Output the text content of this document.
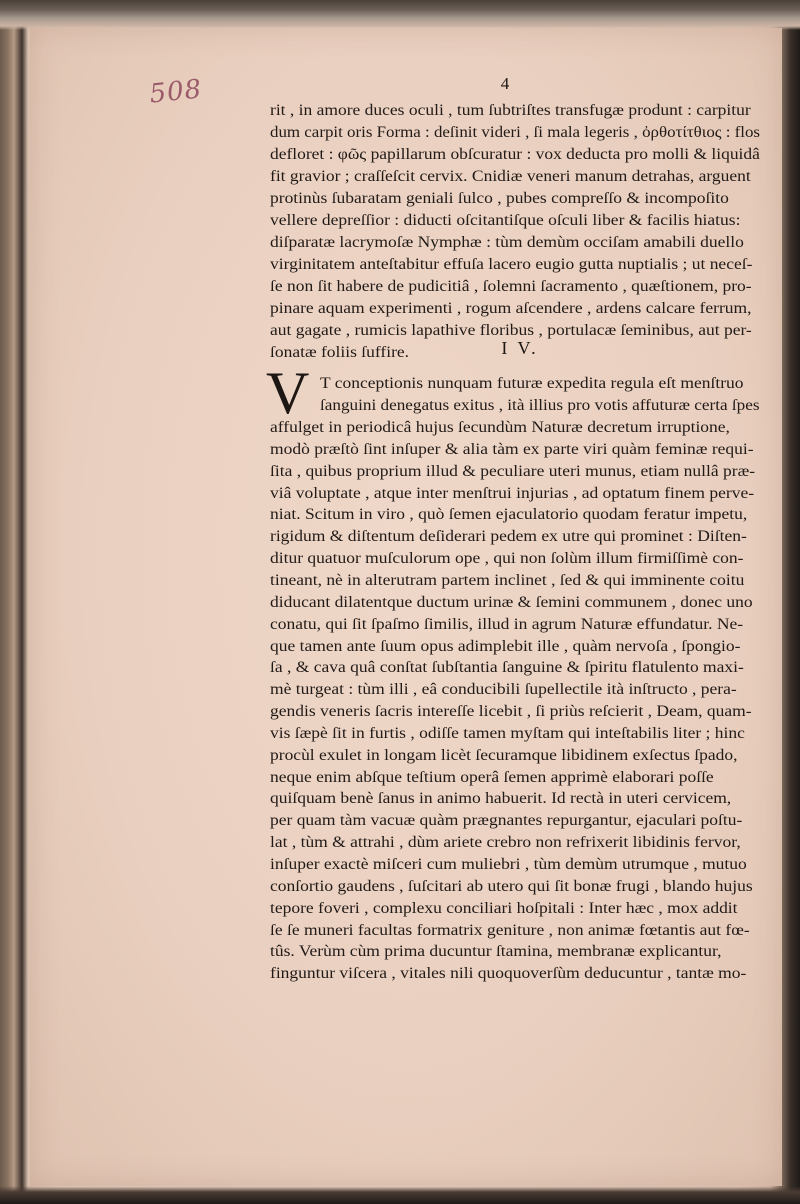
508	4
rit , in amore duces oculi , tum ſubtriſtes transfugæ produnt : carpitur
dum carpit oris Forma : deſinit videri , ſi mala legeris , ὀρθοτίτθιος : flos
defloret : φῶς papillarum obſcuratur : vox deducta pro molli & liquidâ
fit gravior ; craſſeſcit cervix. Cnidiæ veneri manum detrahas, arguent
protinùs ſubaratam geniali ſulco , pubes compreſſo & incompoſito
vellere depreſſior : diducti oſcitantiſque oſculi liber & facilis hiatus:
diſparatæ lacrymoſæ Nymphæ : tùm demùm occiſam amabili duello
virginitatem anteſtabitur effuſa lacero eugio gutta nuptialis ; ut neceſ-
ſe non ſit habere de pudicitiâ , ſolemni ſacramento , quæſtionem, pro-
pinare aquam experimenti , rogum aſcendere , ardens calcare ferrum,
aut gagate , rumicis lapathive floribus , portulacæ ſeminibus, aut per-
ſonatæ foliis ſuffire.	I V.
V T conceptionis nunquam futuræ expedita regula eſt menſtruo
ſanguini denegatus exitus , ità illius pro votis affuturæ certa ſpes
affulget in periodicâ hujus ſecundùm Naturæ decretum irruptione,
modò præſtò ſint inſuper & alia tàm ex parte viri quàm feminæ requi-
ſita , quibus proprium illud & peculiare uteri munus, etiam nullâ præ-
viâ voluptate , atque inter menſtrui injurias , ad optatum finem perve-
niat. Scitum in viro , quò ſemen ejaculatorio quodam feratur impetu,
rigidum & diſtentum deſiderari pedem ex utre qui prominet : Diſten-
ditur quatuor muſculorum ope , qui non ſolùm illum firmiſſimè con-
tineant, nè in alterutram partem inclinet , ſed & qui imminente coitu
diducant dilatentque ductum urinæ & ſemini communem , donec uno
conatu, qui ſit ſpaſmo ſimilis, illud in agrum Naturæ effundatur. Ne-
que tamen ante ſuum opus adimplebit ille , quàm nervoſa , ſpongio-
ſa , & cava quâ conſtat ſubſtantia ſanguine & ſpiritu flatulento maxi-
mè turgeat : tùm illi , eâ conducibili ſupellectile ità inſtructo , pera-
gendis veneris ſacris intereſſe licebit , ſi priùs reſcierit , Deam, quam-
vis ſæpè ſit in furtis , odiſſe tamen myſtam qui inteſtabilis liter ; hinc
procùl exulet in longam licèt ſecuramque libidinem exſectus ſpado,
neque enim abſque teſtium operâ ſemen apprimè elaborari poſſe
quiſquam benè ſanus in animo habuerit. Id rectà in uteri cervicem,
per quam tàm vacuæ quàm prægnantes repurgantur, ejaculari poſtu-
lat , tùm & attrahi , dùm ariete crebro non refrixerit libidinis fervor,
inſuper exactè miſceri cum muliebri , tùm demùm utrumque , mutuo
conſortio gaudens , ſuſcitari ab utero qui ſit bonæ frugi , blando hujus
tepore foveri , complexu conciliari hoſpitali : Inter hæc , mox addit
ſe ſe muneri facultas formatrix geniture , non animæ fœtantis aut fœ-
tûs. Verùm cùm prima ducuntur ſtamina, membranæ explicantur,
finguntur viſcera , vitales nili quoquoverſùm deducuntur , tantæ mo-
